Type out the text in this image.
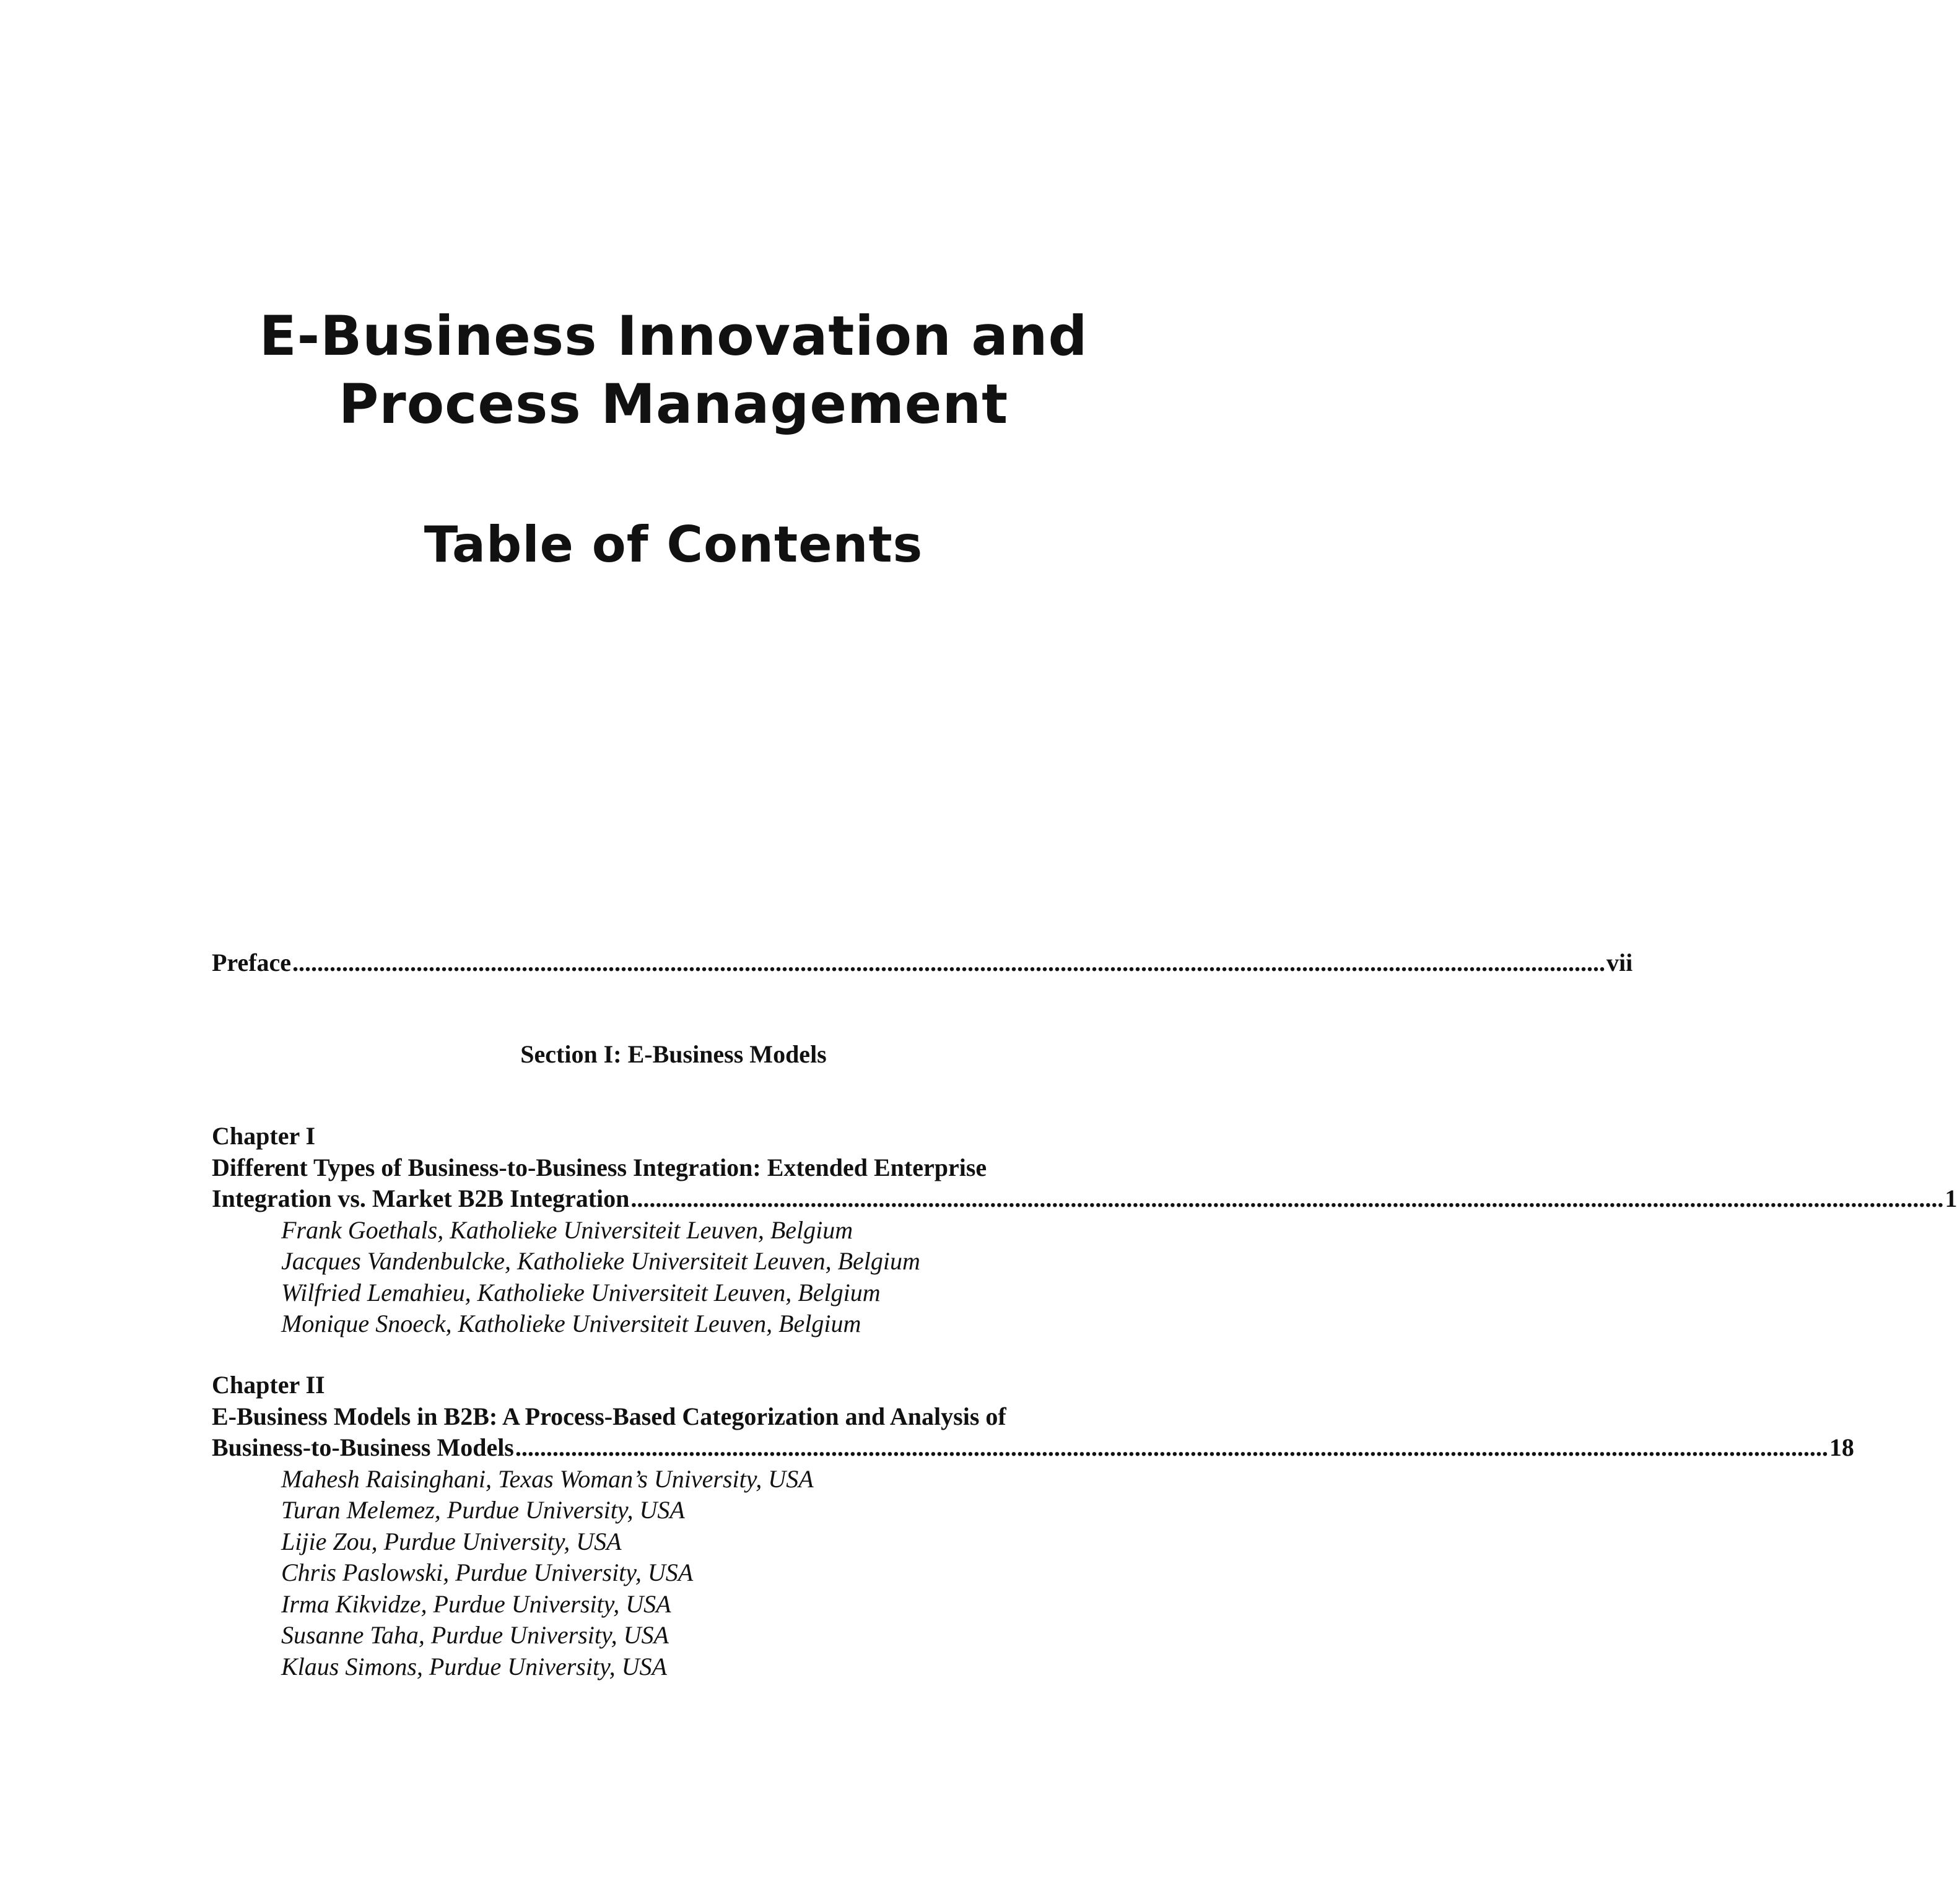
E-Business Innovation and
Process Management
Table of Contents
Preface .................................................................................................................................................................................................................... vii
Section I: E-Business Models
Chapter I
Different Types of Business-to-Business Integration: Extended Enterprise
Integration vs. Market B2B Integration .................................................................................................................................................................................................................... 1
Frank Goethals, Katholieke Universiteit Leuven, Belgium
Jacques Vandenbulcke, Katholieke Universiteit Leuven, Belgium
Wilfried Lemahieu, Katholieke Universiteit Leuven, Belgium
Monique Snoeck, Katholieke Universiteit Leuven, Belgium
Chapter II
E-Business Models in B2B: A Process-Based Categorization and Analysis of
Business-to-Business Models .................................................................................................................................................................................................................... 18
Mahesh Raisinghani, Texas Woman’s University, USA
Turan Melemez, Purdue University, USA
Lijie Zou, Purdue University, USA
Chris Paslowski, Purdue University, USA
Irma Kikvidze, Purdue University, USA
Susanne Taha, Purdue University, USA
Klaus Simons, Purdue University, USA
